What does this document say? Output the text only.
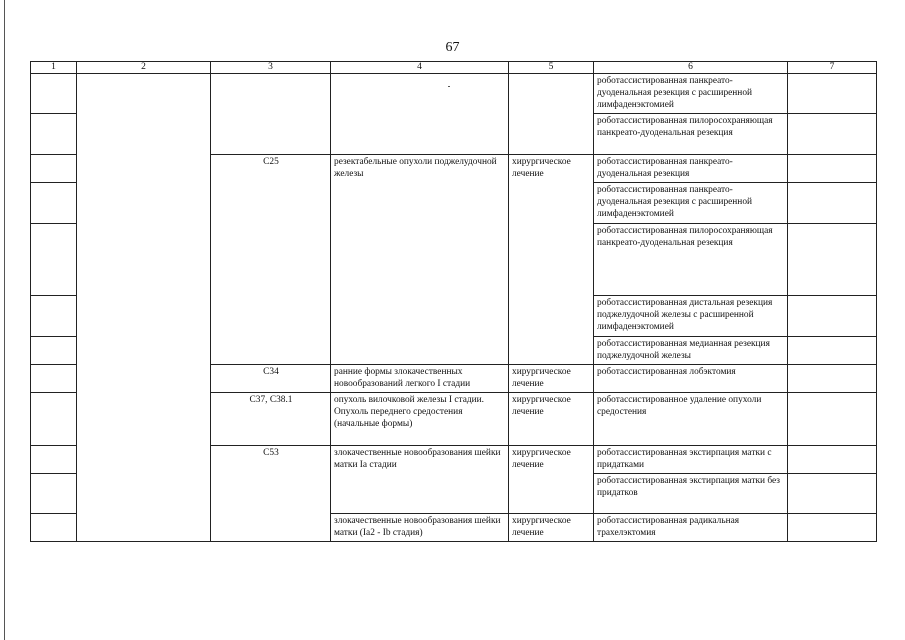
67
1	2	3	4	5	6	7
					роботассистированная панкреато-дуоденальная резекция с расширенной лимфаденэктомией	
					роботассистированная пилоросохраняющая панкреато-дуоденальная резекция	
		C25	резектабельные опухоли поджелудочной железы	хирургическое лечение	роботассистированная панкреато-дуоденальная резекция	
					роботассистированная панкреато-дуоденальная резекция с расширенной лимфаденэктомией	
					роботассистированная пилоросохраняющая панкреато-дуоденальная резекция	
					роботассистированная дистальная резекция поджелудочной железы с расширенной лимфаденэктомией	
					роботассистированная медианная резекция поджелудочной железы	
		C34	ранние формы злокачественных новообразований легкого I стадии	хирургическое лечение	роботассистированная лобэктомия	
		C37, C38.1	опухоль вилочковой железы I стадии.
Опухоль переднего средостения (начальные формы)	хирургическое лечение	роботассистированное удаление опухоли средостения	
		C53	злокачественные новообразования шейки матки Ia стадии	хирургическое лечение	роботассистированная экстирпация матки с придатками	
					роботассистированная экстирпация матки без придатков	
			злокачественные новообразования шейки матки (Ia2 - Ib стадия)	хирургическое лечение	роботассистированная радикальная трахелэктомия	
